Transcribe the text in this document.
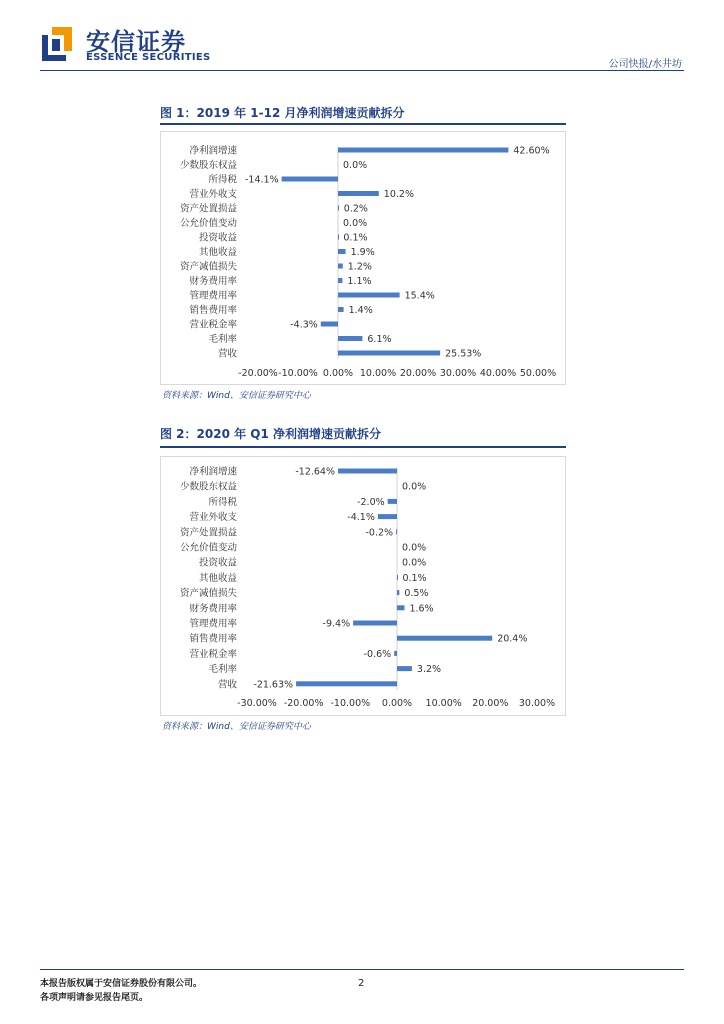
安信证券
ESSENCE SECURITIES
公司快报/水井坊
图 1：2019 年 1-12 月净利润增速贡献拆分
净利润增速	42.60%
少数股东权益	0.0%
所得税 -14.1%
营业外收支	10.2%
资产处置损益	0.2%
公允价值变动	0.0%
投资收益	0.1%
其他收益	1.9%
资产减值损失	1.2%
财务费用率	1.1%
管理费用率	15.4%
销售费用率	1.4%
营业税金率	-4.3%
毛利率	6.1%
营收	25.53%
-20.00% -10.00% 0.00% 10.00% 20.00% 30.00% 40.00% 50.00%
资料来源：Wind、安信证券研究中心
图 2：2020 年 Q1 净利润增速贡献拆分
净利润增速	-12.64%
少数股东权益	0.0%
所得税	-2.0%
营业外收支	-4.1%
资产处置损益	-0.2%
公允价值变动	0.0%
投资收益	0.0%
其他收益	0.1%
资产减值损失	0.5%
财务费用率	1.6%
管理费用率	-9.4%
销售费用率	20.4%
营业税金率	-0.6%
毛利率	3.2%
营收 -21.63%
-30.00% -20.00% -10.00% 0.00% 10.00% 20.00% 30.00%
资料来源：Wind、安信证券研究中心
本报告版权属于安信证券股份有限公司。
各项声明请参见报告尾页。
2
